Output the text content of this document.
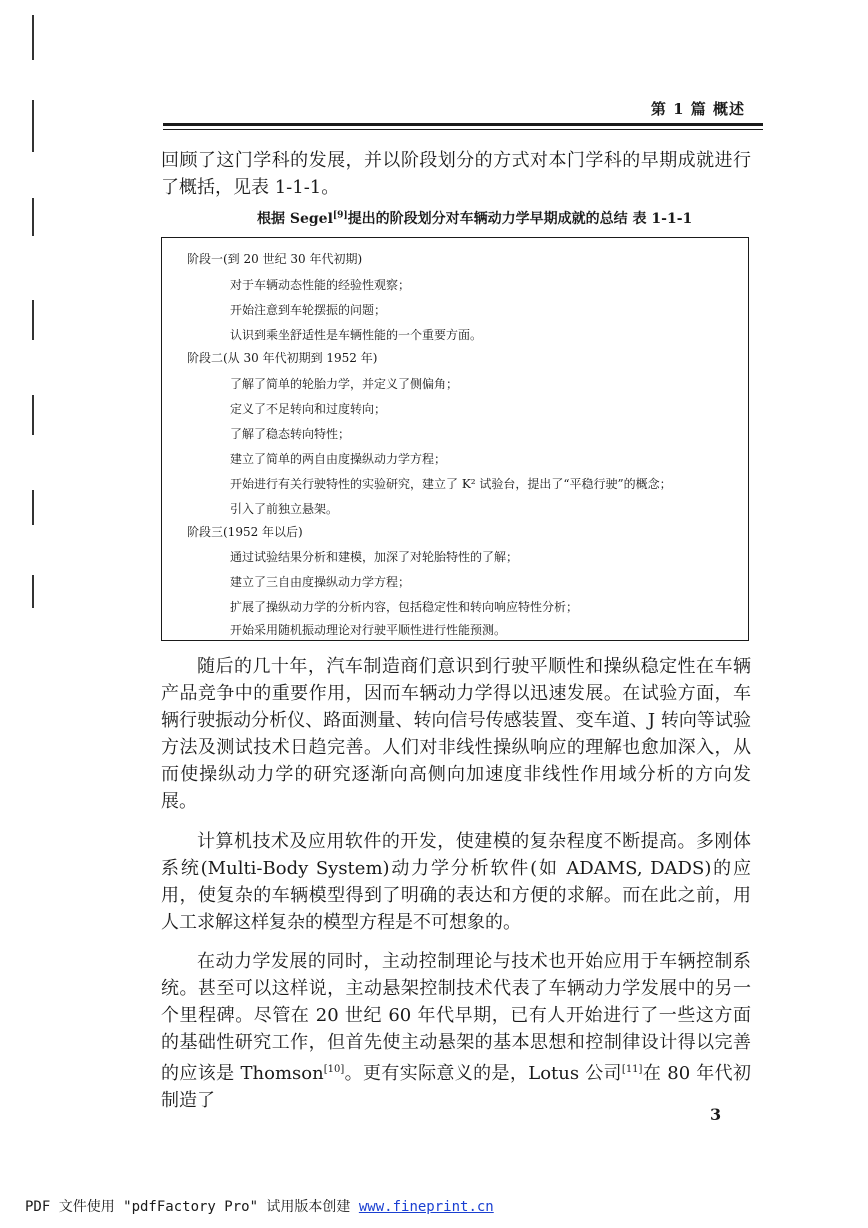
第 1 篇 概述
回顾了这门学科的发展，并以阶段划分的方式对本门学科的早期成就进行了概括，见表 1-1-1。
根据 Segel[9]提出的阶段划分对车辆动力学早期成就的总结 表 1-1-1
阶段一(到 20 世纪 30 年代初期)
对于车辆动态性能的经验性观察；
开始注意到车轮摆振的问题；
认识到乘坐舒适性是车辆性能的一个重要方面。
阶段二(从 30 年代初期到 1952 年)
了解了简单的轮胎力学，并定义了侧偏角；
定义了不足转向和过度转向；
了解了稳态转向特性；
建立了简单的两自由度操纵动力学方程；
开始进行有关行驶特性的实验研究，建立了 K² 试验台，提出了“平稳行驶”的概念；
引入了前独立悬架。
阶段三(1952 年以后)
通过试验结果分析和建模，加深了对轮胎特性的了解；
建立了三自由度操纵动力学方程；
扩展了操纵动力学的分析内容，包括稳定性和转向响应特性分析；
开始采用随机振动理论对行驶平顺性进行性能预测。
随后的几十年，汽车制造商们意识到行驶平顺性和操纵稳定性在车辆产品竞争中的重要作用，因而车辆动力学得以迅速发展。在试验方面，车辆行驶振动分析仪、路面测量、转向信号传感装置、变车道、J 转向等试验方法及测试技术日趋完善。人们对非线性操纵响应的理解也愈加深入，从而使操纵动力学的研究逐渐向高侧向加速度非线性作用域分析的方向发展。
计算机技术及应用软件的开发，使建模的复杂程度不断提高。多刚体系统(Multi-Body System)动力学分析软件(如 ADAMS, DADS)的应用，使复杂的车辆模型得到了明确的表达和方便的求解。而在此之前，用人工求解这样复杂的模型方程是不可想象的。
在动力学发展的同时，主动控制理论与技术也开始应用于车辆控制系统。甚至可以这样说，主动悬架控制技术代表了车辆动力学发展中的另一个里程碑。尽管在 20 世纪 60 年代早期，已有人开始进行了一些这方面的基础性研究工作，但首先使主动悬架的基本思想和控制律设计得以完善的应该是 Thomson[10]。更有实际意义的是，Lotus 公司[11]在 80 年代初制造了
3
PDF 文件使用 "pdfFactory Pro" 试用版本创建 www.fineprint.cn
